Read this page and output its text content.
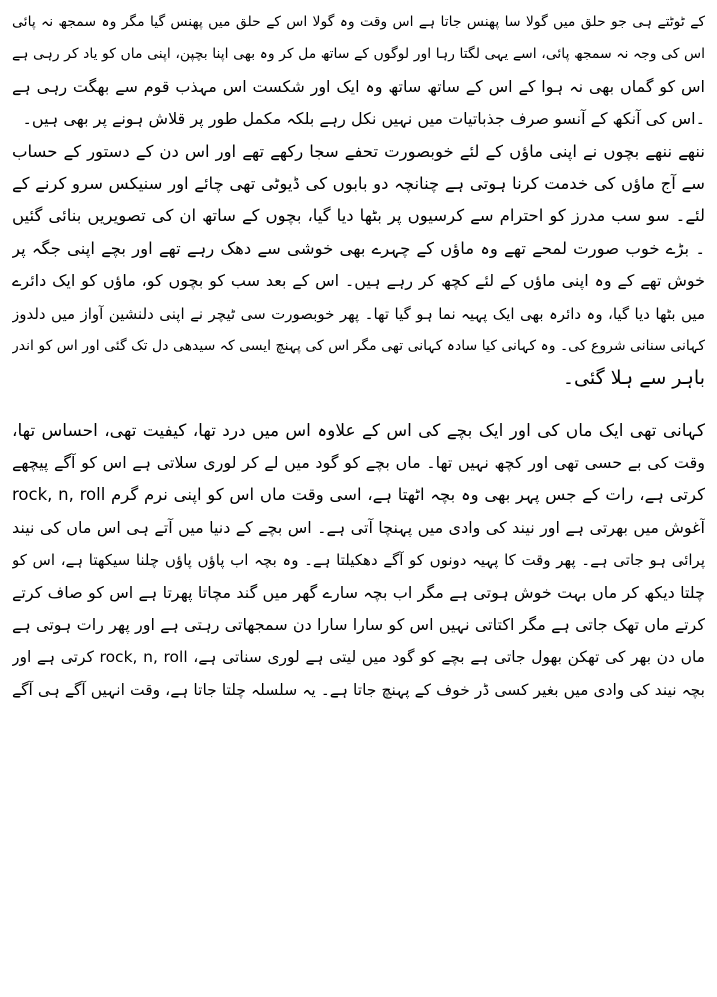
کے ٹوٹتے ہی جو حلق میں گولا سا پھنس جاتا ہے اس وقت وہ گولا اس کے حلق میں پھنس گیا مگر وہ سمجھ نہ پائی
اس کی وجہ نہ سمجھ پائی، اسے یہی لگتا رہا اور لوگوں کے ساتھ مل کر وہ بھی اپنا بچپن، اپنی ماں کو یاد کر رہی ہے
اس کو گماں بھی نہ ہوا کے اس کے ساتھ ساتھ وہ ایک اور شکست اس مہذب قوم سے بھگت رہی ہے
۔اس کی آنکھ کے آنسو صرف جذباتیات میں نہیں نکل رہے بلکہ مکمل طور پر قلاش ہونے پر بھی ہیں۔
ننھے ننھے بچوں نے اپنی ماؤں کے لئے خوبصورت تحفے سجا رکھے تھے اور اس دن کے دستور کے حساب
سے آج ماؤں کی خدمت کرنا ہوتی ہے چنانچہ دو بابوں کی ڈیوٹی تھی چائے اور سنیکس سرو کرنے کے
لئے۔ سو سب مدرز کو احترام سے کرسیوں پر بٹھا دیا گیا، بچوں کے ساتھ ان کی تصویریں بنائی گئیں
۔ بڑے خوب صورت لمحے تھے وہ ماؤں کے چہرے بھی خوشی سے دھک رہے تھے اور بچے اپنی جگہ پر
خوش تھے کے وہ اپنی ماؤں کے لئے کچھ کر رہے ہیں۔ اس کے بعد سب کو بچوں کو، ماؤں کو ایک دائرے
میں بٹھا دیا گیا، وہ دائرہ بھی ایک پہیہ نما ہو گیا تھا۔ پھر خوبصورت سی ٹیچر نے اپنی دلنشین آواز میں دلدوز
کہانی سنانی شروع کی۔ وہ کہانی کیا سادہ کہانی تھی مگر اس کی پہنچ ایسی کہ سیدھی دل تک گئی اور اس کو اندر
باہر سے ہلا گئی۔
کہانی تھی ایک ماں کی اور ایک بچے کی اس کے علاوہ اس میں درد تھا، کیفیت تھی، احساس تھا،
وقت کی بے حسی تھی اور کچھ نہیں تھا۔ ماں بچے کو گود میں لے کر لوری سلاتی ہے اس کو آگے پیچھے
rock, n, roll کرتی ہے، رات کے جس پہر بھی وہ بچہ اٹھتا ہے، اسی وقت ماں اس کو اپنی نرم گرم
آغوش میں بھرتی ہے اور نیند کی وادی میں پہنچا آتی ہے۔ اس بچے کے دنیا میں آتے ہی اس ماں کی نیند
پرائی ہو جاتی ہے۔ پھر وقت کا پہیہ دونوں کو آگے دھکیلتا ہے۔ وہ بچہ اب پاؤں پاؤں چلنا سیکھتا ہے، اس کو
چلتا دیکھ کر ماں بہت خوش ہوتی ہے مگر اب بچہ سارے گھر میں گند مچاتا پھرتا ہے اس کو صاف کرتے
کرتے ماں تھک جاتی ہے مگر اکتاتی نہیں اس کو سارا سارا دن سمجھاتی رہتی ہے اور پھر رات ہوتی ہے
ماں دن بھر کی تھکن بھول جاتی ہے بچے کو گود میں لیتی ہے لوری سناتی ہے، rock, n, roll کرتی ہے اور
بچہ نیند کی وادی میں بغیر کسی ڈر خوف کے پہنچ جاتا ہے۔ یہ سلسلہ چلتا جاتا ہے، وقت انہیں آگے ہی آگے
